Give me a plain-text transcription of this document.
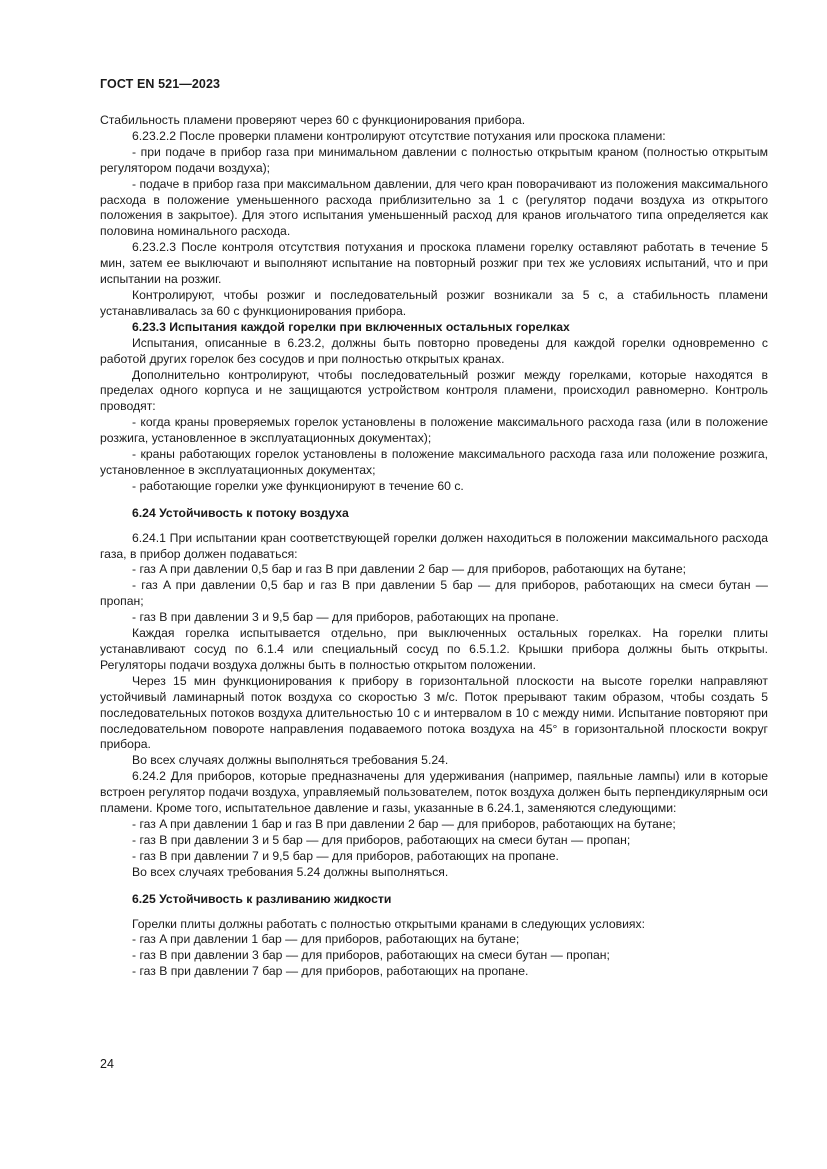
ГОСТ EN 521—2023

Стабильность пламени проверяют через 60 с функционирования прибора.

6.23.2.2 После проверки пламени контролируют отсутствие потухания или проскока пламени:

- при подаче в прибор газа при минимальном давлении с полностью открытым краном (полностью открытым регулятором подачи воздуха);

- подаче в прибор газа при максимальном давлении, для чего кран поворачивают из положения максимального расхода в положение уменьшенного расхода приблизительно за 1 с (регулятор подачи воздуха из открытого положения в закрытое). Для этого испытания уменьшенный расход для кранов игольчатого типа определяется как половина номинального расхода.

6.23.2.3 После контроля отсутствия потухания и проскока пламени горелку оставляют работать в течение 5 мин, затем ее выключают и выполняют испытание на повторный розжиг при тех же условиях испытаний, что и при испытании на розжиг.

Контролируют, чтобы розжиг и последовательный розжиг возникали за 5 с, а стабильность пламени устанавливалась за 60 с функционирования прибора.

6.23.3 Испытания каждой горелки при включенных остальных горелках

Испытания, описанные в 6.23.2, должны быть повторно проведены для каждой горелки одновременно с работой других горелок без сосудов и при полностью открытых кранах.

Дополнительно контролируют, чтобы последовательный розжиг между горелками, которые находятся в пределах одного корпуса и не защищаются устройством контроля пламени, происходил равномерно. Контроль проводят:

- когда краны проверяемых горелок установлены в положение максимального расхода газа (или в положение розжига, установленное в эксплуатационных документах);

- краны работающих горелок установлены в положение максимального расхода газа или положение розжига, установленное в эксплуатационных документах;

- работающие горелки уже функционируют в течение 60 с.

6.24 Устойчивость к потоку воздуха

6.24.1 При испытании кран соответствующей горелки должен находиться в положении максимального расхода газа, в прибор должен подаваться:

- газ A при давлении 0,5 бар и газ B при давлении 2 бар — для приборов, работающих на бутане;

- газ A при давлении 0,5 бар и газ B при давлении 5 бар — для приборов, работающих на смеси бутан — пропан;

- газ B при давлении 3 и 9,5 бар — для приборов, работающих на пропане.

Каждая горелка испытывается отдельно, при выключенных остальных горелках. На горелки плиты устанавливают сосуд по 6.1.4 или специальный сосуд по 6.5.1.2. Крышки прибора должны быть открыты. Регуляторы подачи воздуха должны быть в полностью открытом положении.

Через 15 мин функционирования к прибору в горизонтальной плоскости на высоте горелки направляют устойчивый ламинарный поток воздуха со скоростью 3 м/с. Поток прерывают таким образом, чтобы создать 5 последовательных потоков воздуха длительностью 10 с и интервалом в 10 с между ними. Испытание повторяют при последовательном повороте направления подаваемого потока воздуха на 45° в горизонтальной плоскости вокруг прибора.

Во всех случаях должны выполняться требования 5.24.

6.24.2 Для приборов, которые предназначены для удерживания (например, паяльные лампы) или в которые встроен регулятор подачи воздуха, управляемый пользователем, поток воздуха должен быть перпендикулярным оси пламени. Кроме того, испытательное давление и газы, указанные в 6.24.1, заменяются следующими:

- газ A при давлении 1 бар и газ B при давлении 2 бар — для приборов, работающих на бутане;

- газ B при давлении 3 и 5 бар — для приборов, работающих на смеси бутан — пропан;

- газ B при давлении 7 и 9,5 бар — для приборов, работающих на пропане.

Во всех случаях требования 5.24 должны выполняться.

6.25 Устойчивость к разливанию жидкости

Горелки плиты должны работать с полностью открытыми кранами в следующих условиях:

- газ A при давлении 1 бар — для приборов, работающих на бутане;

- газ B при давлении 3 бар — для приборов, работающих на смеси бутан — пропан;

- газ B при давлении 7 бар — для приборов, работающих на пропане.

24
